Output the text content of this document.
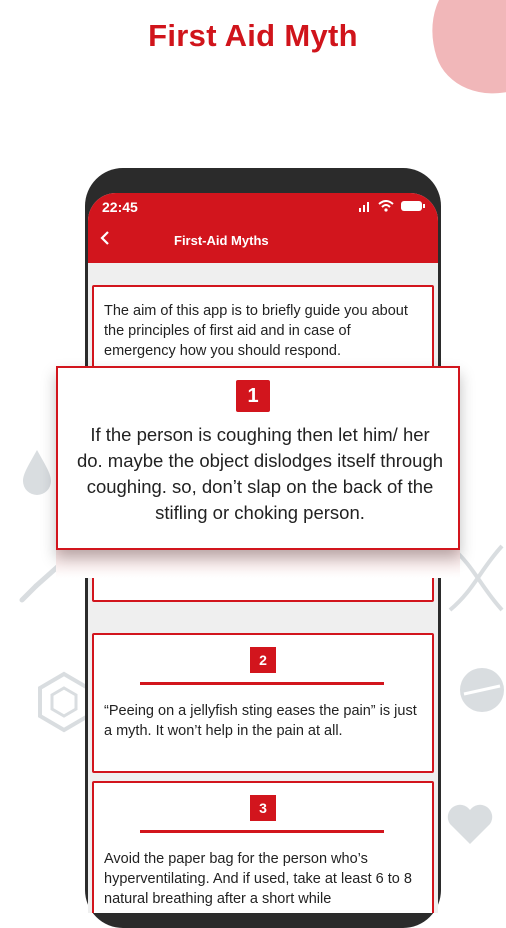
First Aid Myth
22:45
First-Aid Myths

The aim of this app is to briefly guide you about the principles of first aid and in case of emergency how you should respond.

2

“Peeing on a jellyfish sting eases the pain” is just a myth. It won’t help in the pain at all.

3

Avoid the paper bag for the person who’s hyperventilating. And if used, take at least 6 to 8 natural breathing after a short while

1

If the person is coughing then let him/ her do. maybe the object dislodges itself through coughing. so, don’t slap on the back of the stifling or choking person.
